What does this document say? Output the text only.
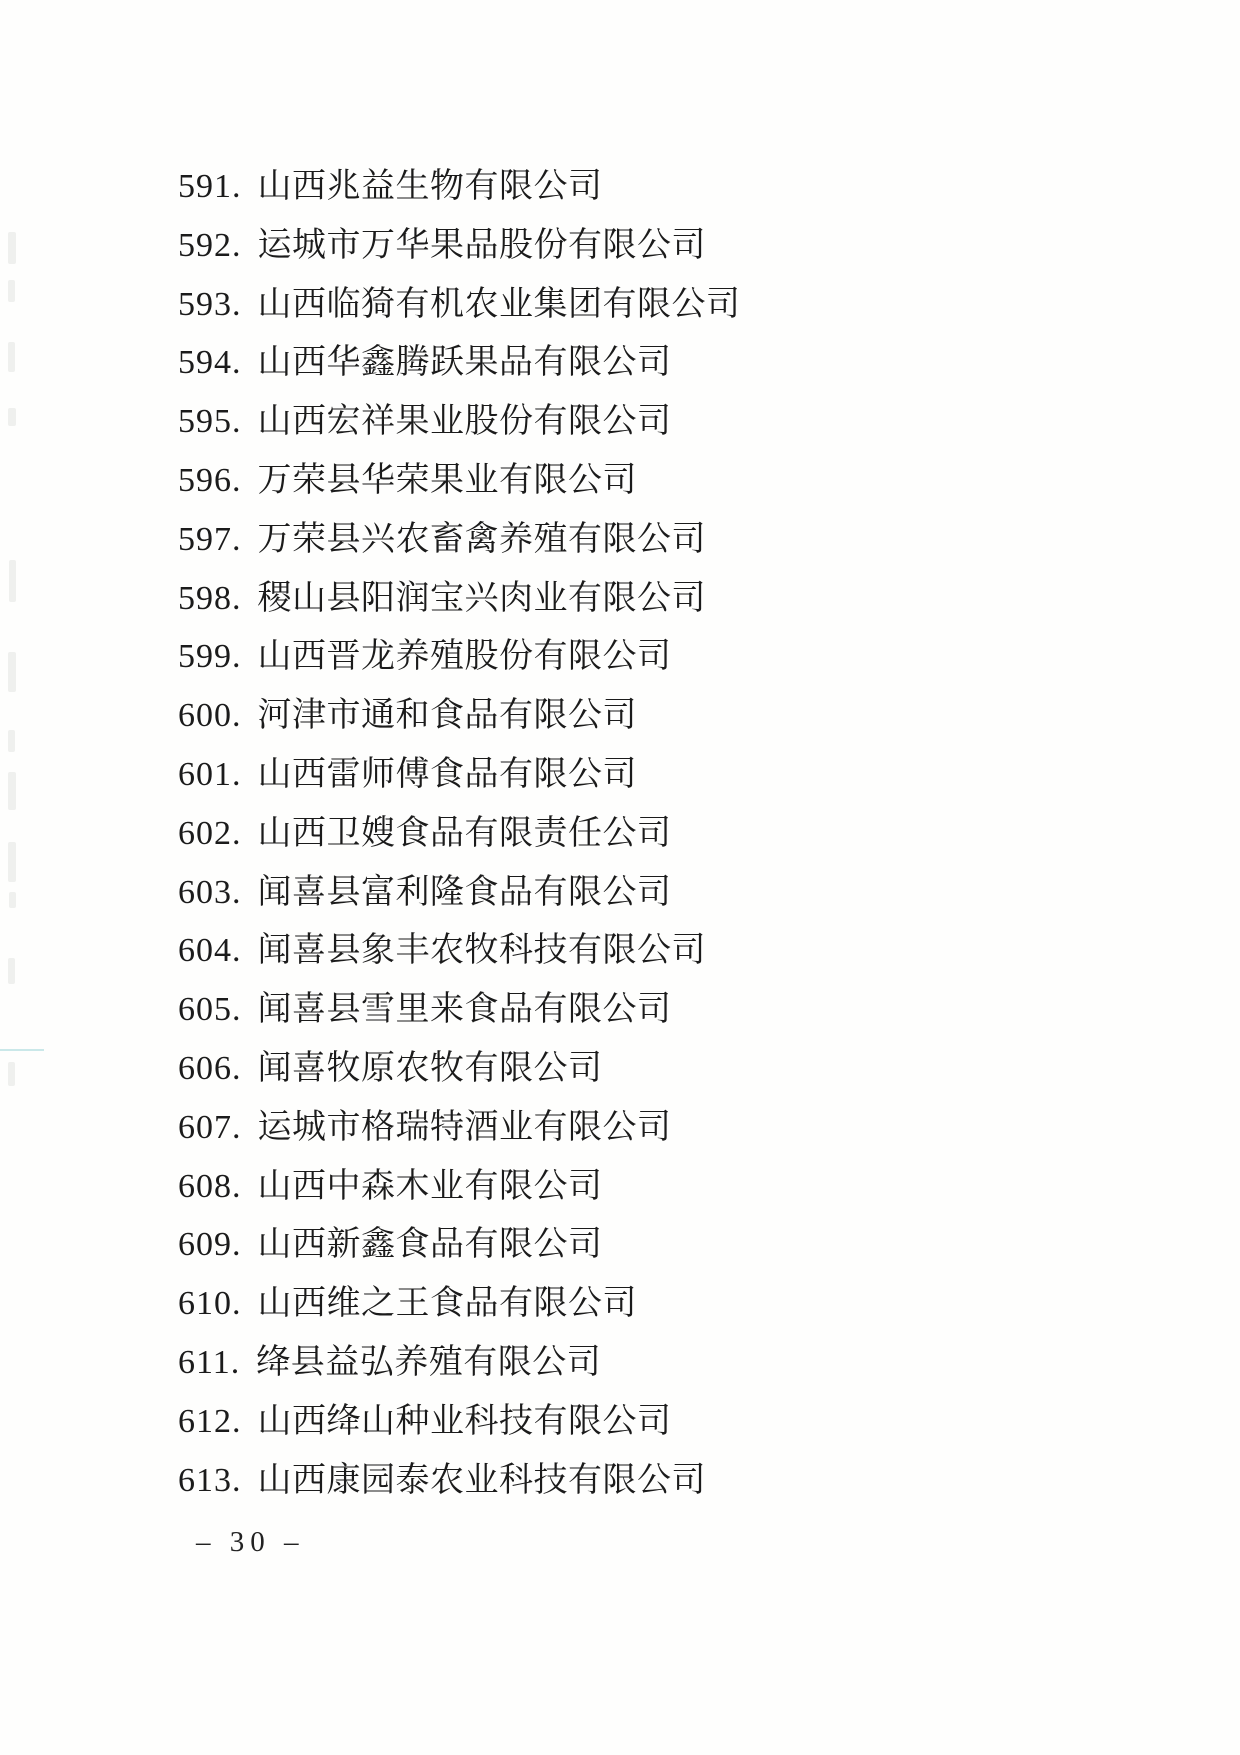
591. 山西兆益生物有限公司
592. 运城市万华果品股份有限公司
593. 山西临猗有机农业集团有限公司
594. 山西华鑫腾跃果品有限公司
595. 山西宏祥果业股份有限公司
596. 万荣县华荣果业有限公司
597. 万荣县兴农畜禽养殖有限公司
598. 稷山县阳润宝兴肉业有限公司
599. 山西晋龙养殖股份有限公司
600. 河津市通和食品有限公司
601. 山西雷师傅食品有限公司
602. 山西卫嫂食品有限责任公司
603. 闻喜县富利隆食品有限公司
604. 闻喜县象丰农牧科技有限公司
605. 闻喜县雪里来食品有限公司
606. 闻喜牧原农牧有限公司
607. 运城市格瑞特酒业有限公司
608. 山西中森木业有限公司
609. 山西新鑫食品有限公司
610. 山西维之王食品有限公司
611. 绛县益弘养殖有限公司
612. 山西绛山种业科技有限公司
613. 山西康园泰农业科技有限公司
– 30 –
